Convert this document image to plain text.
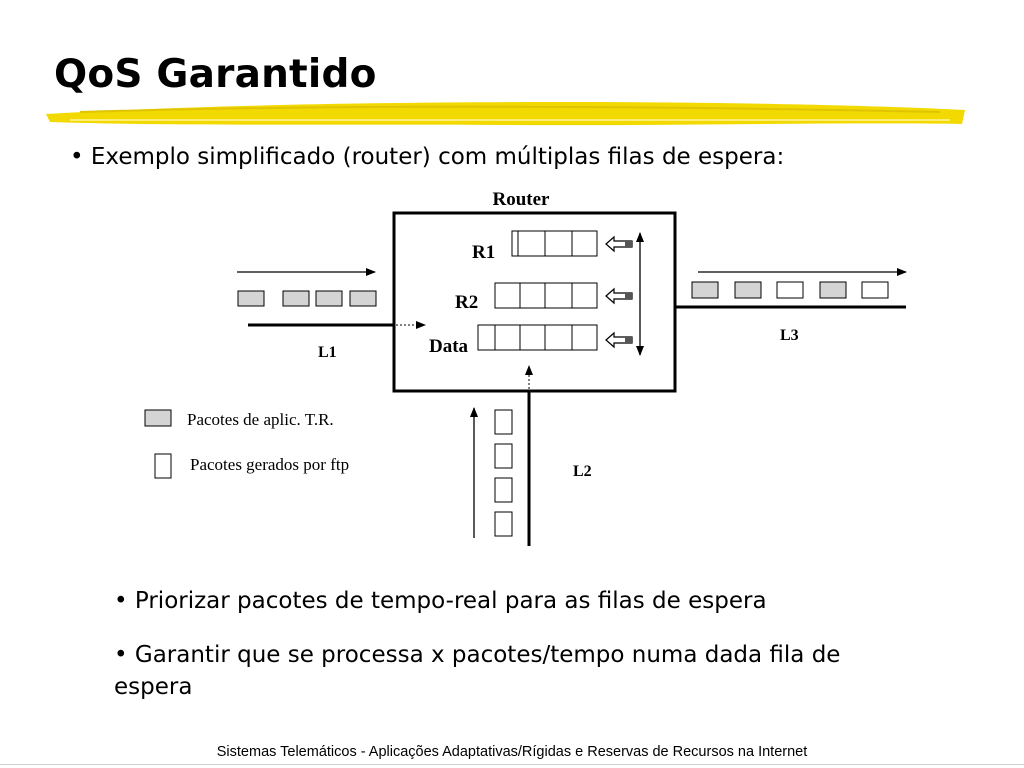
QoS Garantido
• Exemplo simplificado (router) com múltiplas filas de espera:
Router
R1
R2
Data
L1
L3
L2
Pacotes de aplic. T.R.
Pacotes gerados por ftp
• Priorizar pacotes de tempo-real para as filas de espera
• Garantir que se processa x pacotes/tempo numa dada fila de
espera
Sistemas Telemáticos - Aplicações Adaptativas/Rígidas e Reservas de Recursos na Internet
